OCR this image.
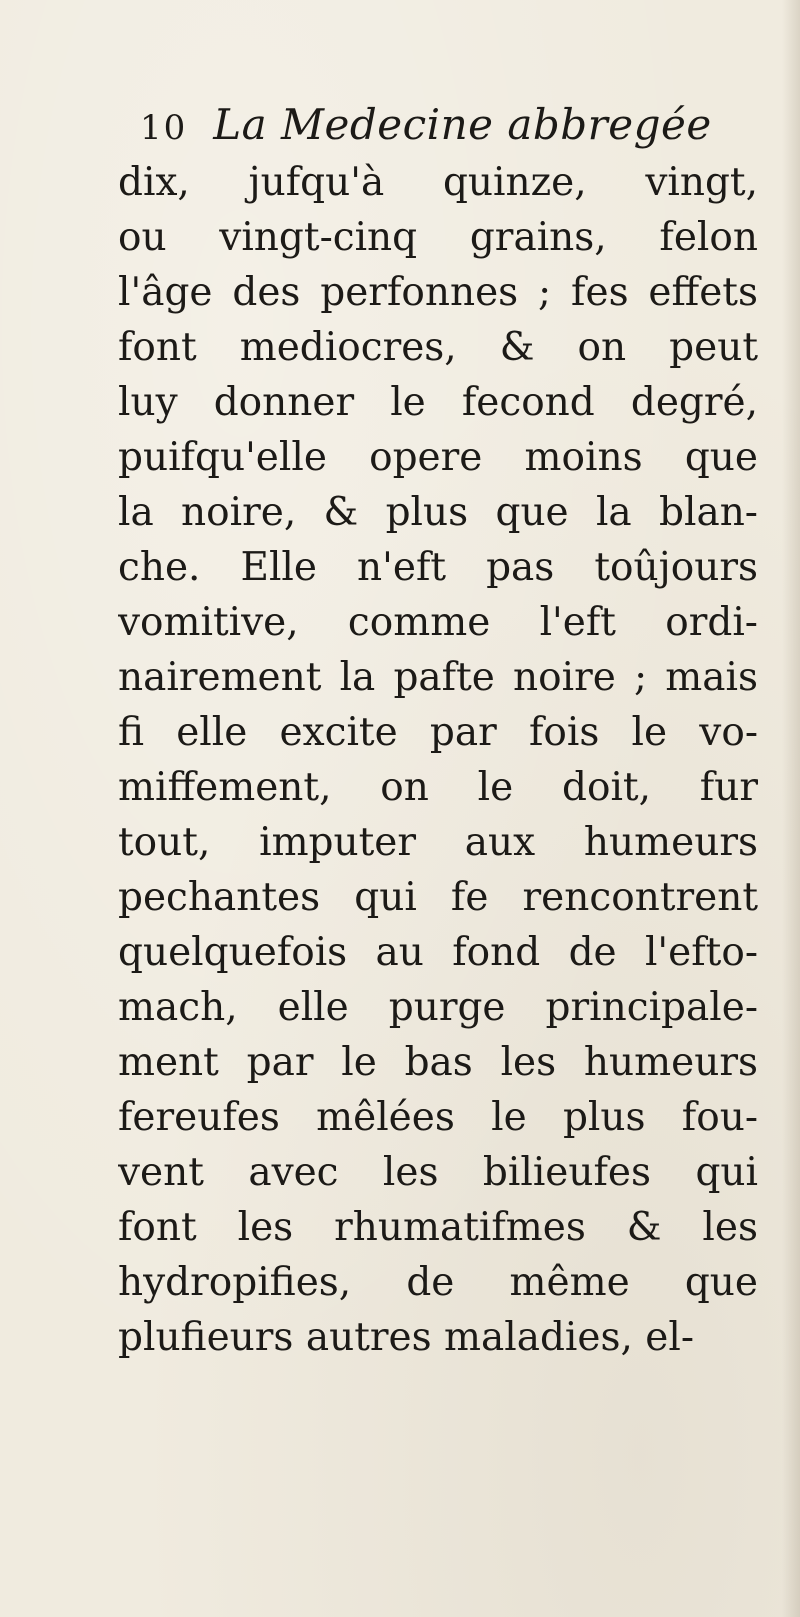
10 La Medecine abbregée
dix, jufqu'à quinze, vingt,
ou vingt-cinq grains, felon
l'âge des perfonnes ; fes effets
font mediocres, & on peut
luy donner le fecond degré,
puifqu'elle opere moins que
la noire, & plus que la blan-
che. Elle n'eft pas toûjours
vomitive, comme l'eft ordi-
nairement la pafte noire ; mais
fi elle excite par fois le vo-
miffement, on le doit, fur
tout, imputer aux humeurs
pechantes qui fe rencontrent
quelquefois au fond de l'efto-
mach, elle purge principale-
ment par le bas les humeurs
fereufes mêlées le plus fou-
vent avec les bilieufes qui
font les rhumatifmes & les
hydropifies, de même que
plufieurs autres maladies, el-
